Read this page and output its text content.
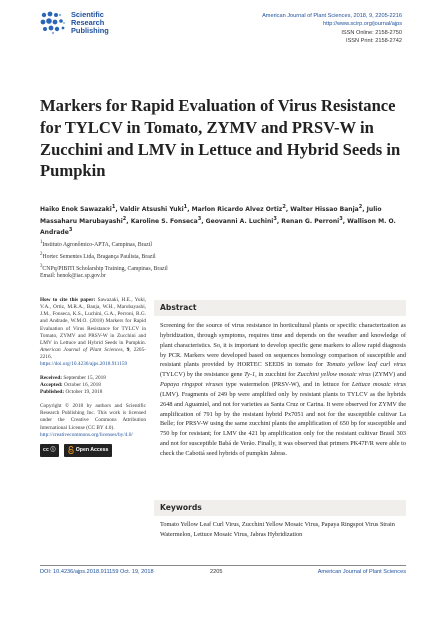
Scientific
Research
Publishing
American Journal of Plant Sciences, 2018, 9, 2205-2216
http://www.scirp.org/journal/ajps
ISSN Online: 2158-2750
ISSN Print: 2158-2742
Markers for Rapid Evaluation of Virus Resistance for TYLCV in Tomato, ZYMV and PRSV-W in Zucchini and LMV in Lettuce and Hybrid Seeds in Pumpkin
Haiko Enok Sawazaki$^1$, Valdir Atsushi Yuki$^1$, Marlon Ricardo Alvez Ortiz$^2$, Walter Hissao Banja$^2$, Julio Massaharu Marubayashi$^2$, Karoline S. Fonseca$^3$, Geovanni A. Luchini$^3$, Renan G. Perroni$^3$, Wallison M. O. Andrade$^3$
$^1$Instituto Agronômico-APTA, Campinas, Brazil
$^2$Hortec Sementes Ltda, Bragança Paulista, Brazil
$^3$CNPq/PIBITI Scholarship Training, Campinas, Brazil
Email: henok@iac.sp.gov.br
How to cite this paper: Sawazaki, H.E., Yuki, V.A., Ortiz, M.R.A., Banja, W.H., Marubayashi, J.M., Fonseca, K.S., Luchini, G.A., Perroni, R.G. and Andrade, W.M.O. (2018) Markers for Rapid Evaluation of Virus Resistance for TYLCV in Tomato, ZYMV and PRSV-W in Zucchini and LMV in Lettuce and Hybrid Seeds in Pumpkin. American Journal of Plant Sciences, 9, 2205-2216.
https://doi.org/10.4236/ajps.2018.911159
Received: September 15, 2018
Accepted: October 16, 2018
Published: October 19, 2018
Copyright © 2018 by authors and Scientific Research Publishing Inc. This work is licensed under the Creative Commons Attribution International License (CC BY 4.0).
http://creativecommons.org/licenses/by/4.0/
cc ⓘ	Open Access
Abstract
Screening for the source of virus resistance in horticultural plants or specific characterization as hybridization, through symptoms, requires time and depends on the weather and knowledge of plant characteristics. So, it is important to develop specific gene markers to allow rapid diagnosis by PCR. Markers were developed based on sequences homology comparison of susceptible and resistant plants provided by HORTEC SEEDS in tomato for Tomato yellow leaf curl virus (TYLCV) by the resistance gene Ty-1, in zucchini for Zucchini yellow mosaic virus (ZYMV) and Papaya ringspot viruses type watermelon (PRSV-W), and in lettuce for Lettuce mosaic virus (LMV). Fragments of 249 bp were amplified only by resistant plants to TYLCV as the hybrids 2648 and Aguamiel, and not for varieties as Santa Cruz or Carina. It were observed for ZYMV the amplification of 791 bp by the resistant hybrid Px7051 and not for the susceptible cultivar La Belle; for PRSV-W using the same zucchini plants the amplification of 650 bp for susceptible and 750 bp for resistant; for LMV the 421 bp amplification only for the resistant cultivar Brasil 303 and not for susceptible Babá de Verão. Finally, it was observed that primers PK47F/R were able to check the Cabotiá seed hybrids of pumpkin Jabras.
Keywords
Tomato Yellow Leaf Curl Virus, Zucchini Yellow Mosaic Virus, Papaya Ringspot Virus Strain Watermelon, Lettuce Mosaic Virus, Jabras Hybridization
DOI: 10.4236/ajps.2018.911159 Oct. 19, 2018	2205	American Journal of Plant Sciences
